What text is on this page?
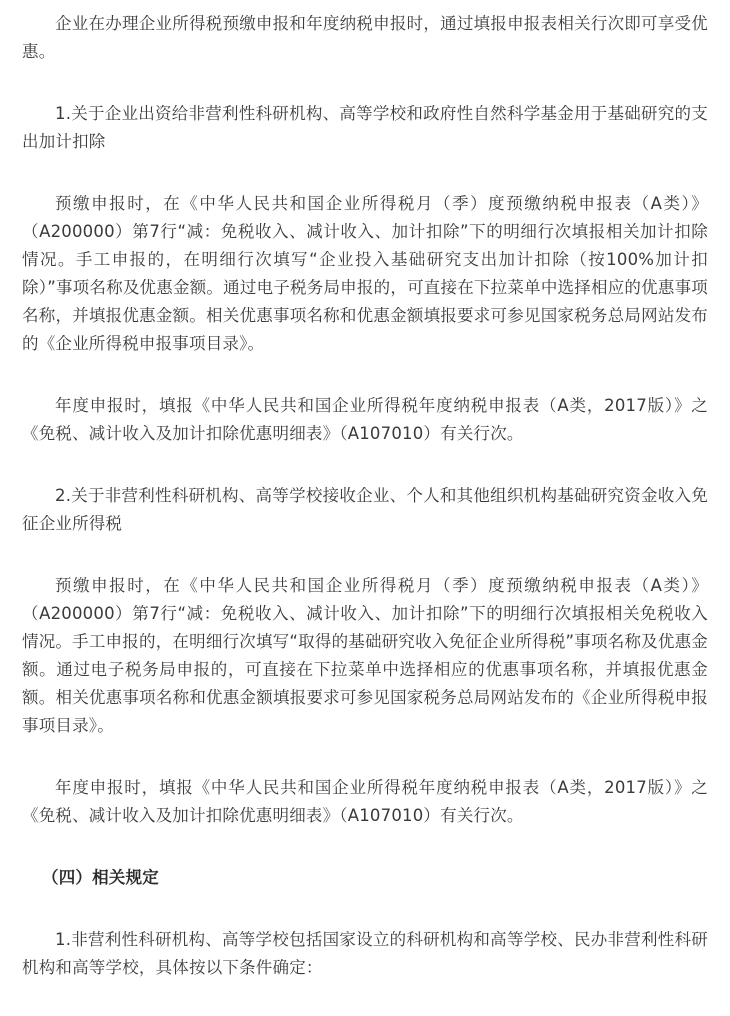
企业在办理企业所得税预缴申报和年度纳税申报时，通过填报申报表相关行次即可享受优惠。

1.关于企业出资给非营利性科研机构、高等学校和政府性自然科学基金用于基础研究的支出加计扣除

预缴申报时，在《中华人民共和国企业所得税月（季）度预缴纳税申报表（A类）》（A200000）第7行“减：免税收入、减计收入、加计扣除”下的明细行次填报相关加计扣除情况。手工申报的，在明细行次填写“企业投入基础研究支出加计扣除（按100%加计扣除）”事项名称及优惠金额。通过电子税务局申报的，可直接在下拉菜单中选择相应的优惠事项名称，并填报优惠金额。相关优惠事项名称和优惠金额填报要求可参见国家税务总局网站发布的《企业所得税申报事项目录》。

年度申报时，填报《中华人民共和国企业所得税年度纳税申报表（A类，2017版）》之《免税、减计收入及加计扣除优惠明细表》（A107010）有关行次。

2.关于非营利性科研机构、高等学校接收企业、个人和其他组织机构基础研究资金收入免征企业所得税

预缴申报时，在《中华人民共和国企业所得税月（季）度预缴纳税申报表（A类）》（A200000）第7行“减：免税收入、减计收入、加计扣除”下的明细行次填报相关免税收入情况。手工申报的，在明细行次填写“取得的基础研究收入免征企业所得税”事项名称及优惠金额。通过电子税务局申报的，可直接在下拉菜单中选择相应的优惠事项名称，并填报优惠金额。相关优惠事项名称和优惠金额填报要求可参见国家税务总局网站发布的《企业所得税申报事项目录》。

年度申报时，填报《中华人民共和国企业所得税年度纳税申报表（A类，2017版）》之《免税、减计收入及加计扣除优惠明细表》（A107010）有关行次。

（四）相关规定

1.非营利性科研机构、高等学校包括国家设立的科研机构和高等学校、民办非营利性科研机构和高等学校，具体按以下条件确定：
